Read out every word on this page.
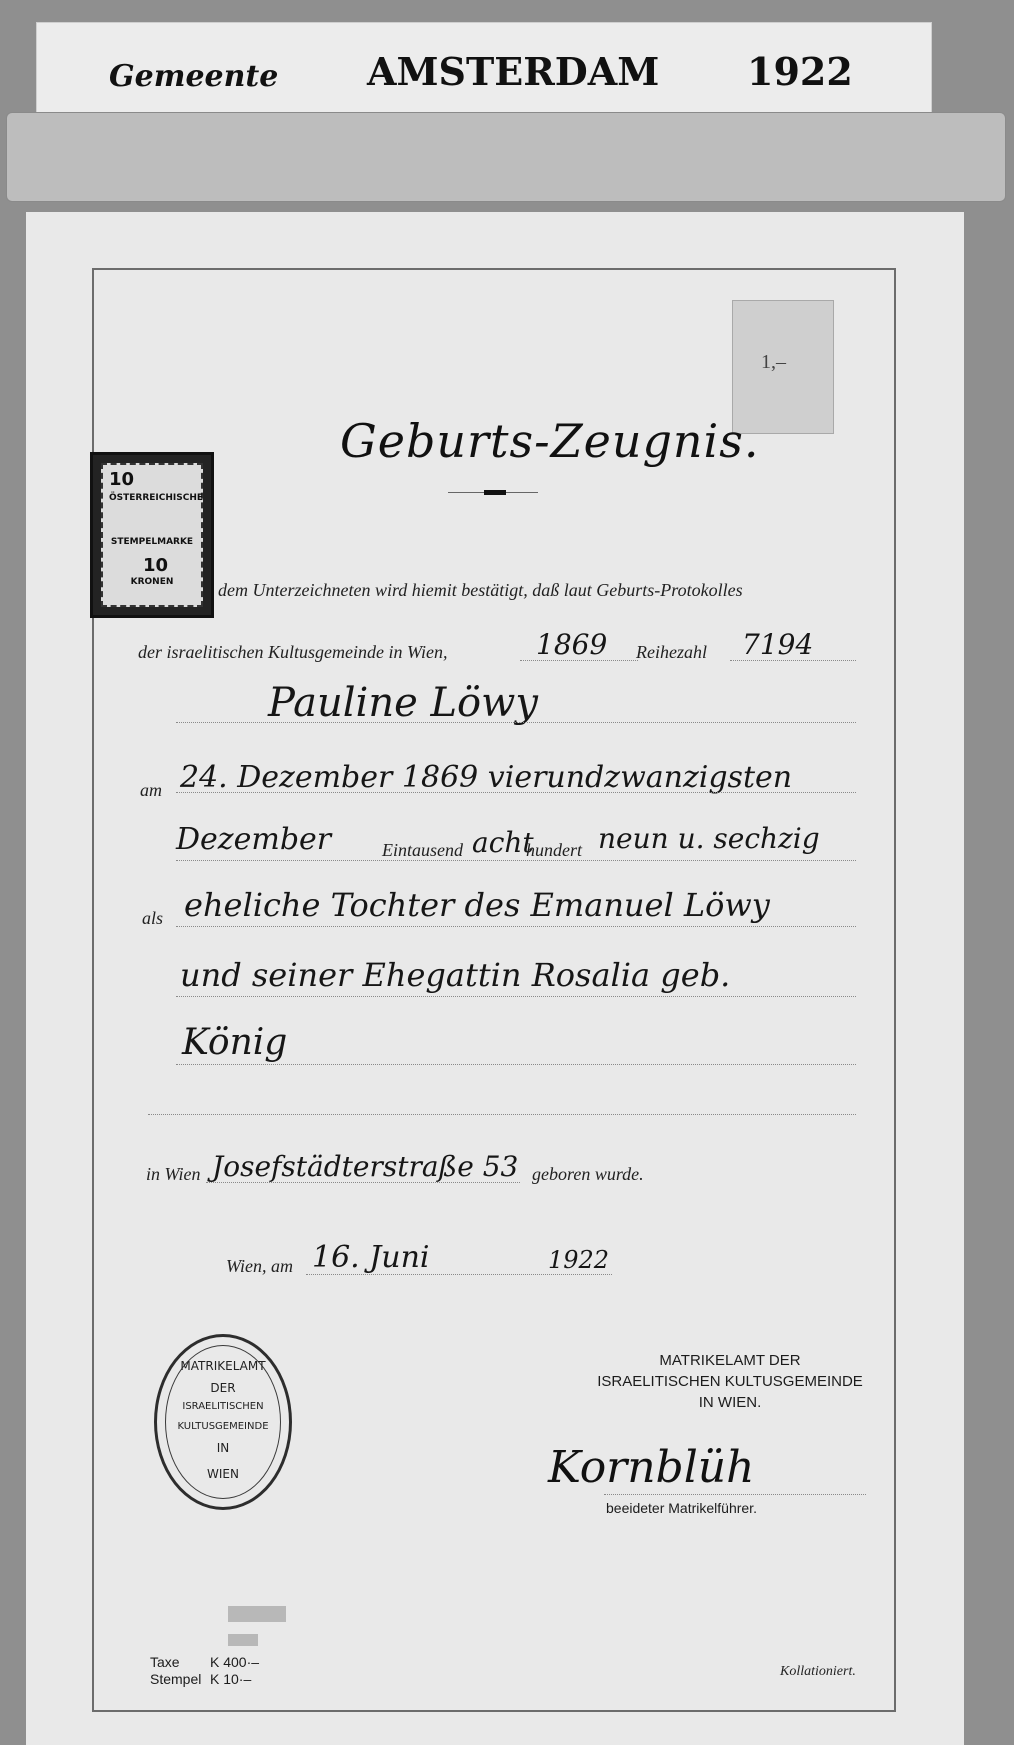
Gemeente AMSTERDAM 1922
1,–
10
ÖSTERREICHISCHE
STEMPELMARKE
10
KRONEN
Geburts-Zeugnis.
dem Unterzeichneten wird hiemit bestätigt, daß laut Geburts-Protokolles
der israelitischen Kultusgemeinde in Wien,	1869 Reihezahl 7194
Pauline Löwy
am 24. Dezember 1869 vierundzwanzigsten
Dezember	Eintausend acht
hundert neun u. sechzig
als eheliche Tochter des Emanuel Löwy
und seiner Ehegattin Rosalia geb.
König
in Wien Josefstädterstraße 53 geboren wurde.
Wien, am 16. Juni	1922
MATRIKELAMT
DER
ISRAELITISCHEN
KULTUSGEMEINDE
IN
WIEN
MATRIKELAMT DER
ISRAELITISCHEN KULTUSGEMEINDE
IN WIEN.
Kornblüh
beeideter Matrikelführer.
Taxe K 400·–
Stempel K 10·–	Kollationiert.
